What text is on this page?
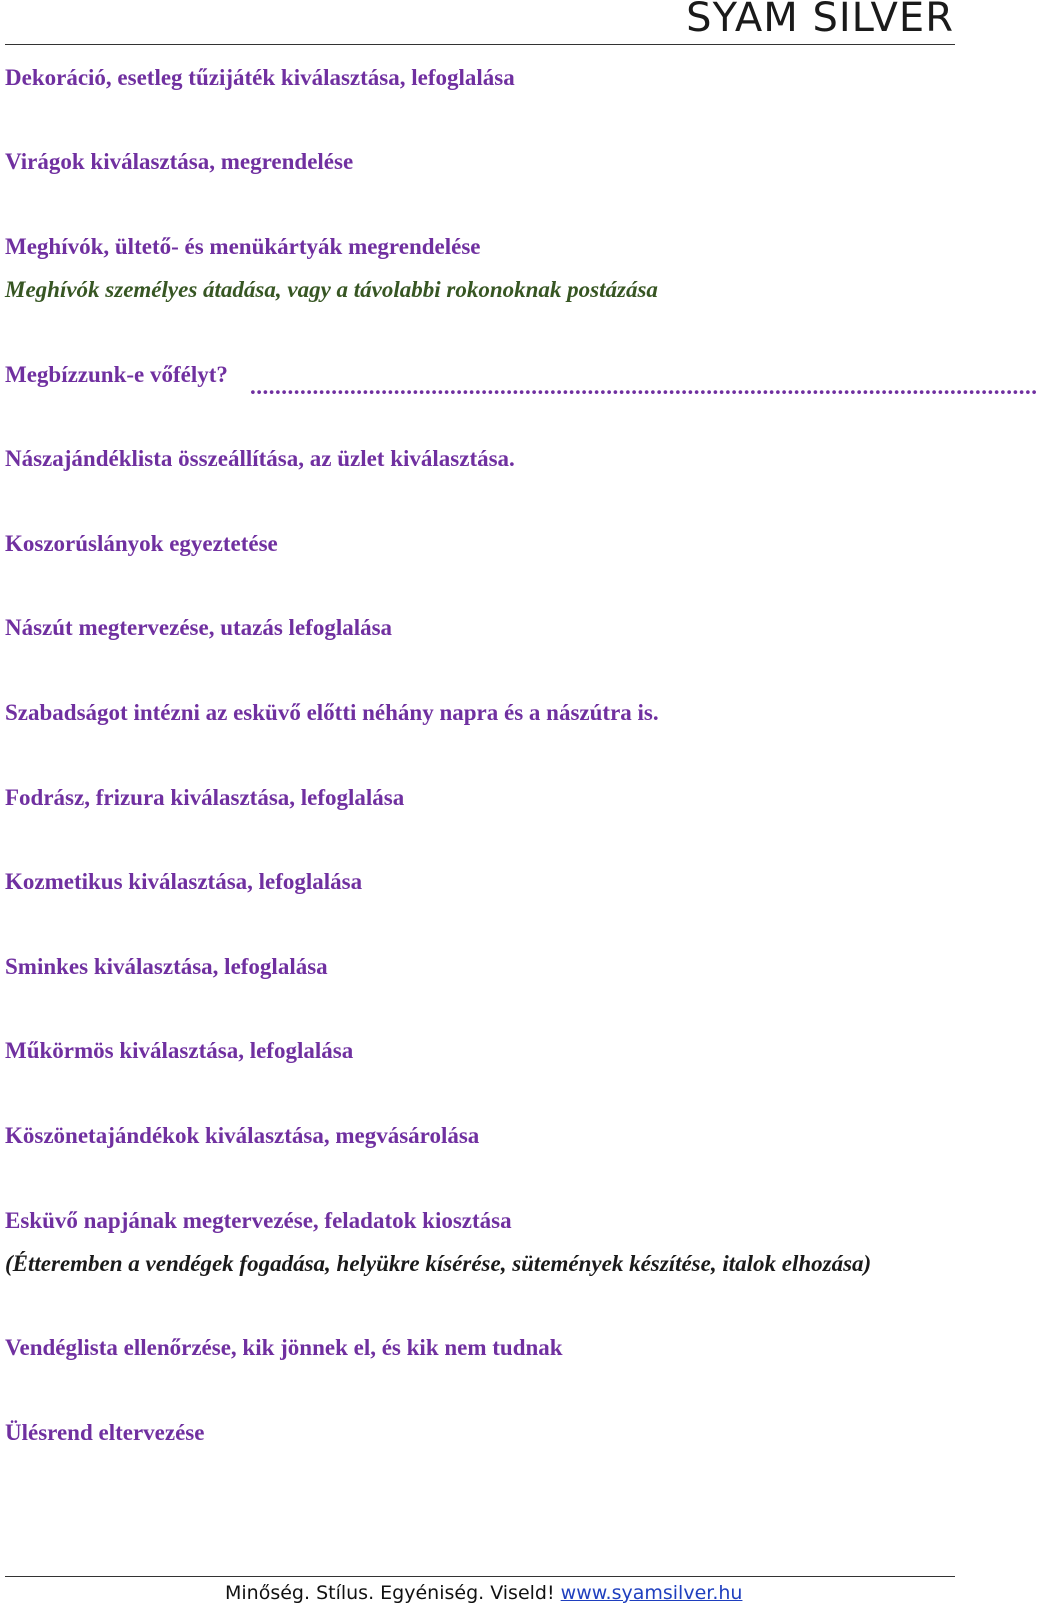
SYAM SILVER
Dekoráció, esetleg tűzijáték kiválasztása, lefoglalása
Virágok kiválasztása, megrendelése
Meghívók, ültető- és menükártyák megrendelése
Meghívók személyes átadása, vagy a távolabbi rokonoknak postázása
Megbízzunk-e vőfélyt? ..............................................................................................................................
Nászajándéklista összeállítása, az üzlet kiválasztása.
Koszorúslányok egyeztetése
Nászút megtervezése, utazás lefoglalása
Szabadságot intézni az esküvő előtti néhány napra és a nászútra is.
Fodrász, frizura kiválasztása, lefoglalása
Kozmetikus kiválasztása, lefoglalása
Sminkes kiválasztása, lefoglalása
Műkörmös kiválasztása, lefoglalása
Köszönetajándékok kiválasztása, megvásárolása
Esküvő napjának megtervezése, feladatok kiosztása
(Étteremben a vendégek fogadása, helyükre kísérése, sütemények készítése, italok elhozása)
Vendéglista ellenőrzése, kik jönnek el, és kik nem tudnak
Ülésrend eltervezése
Minőség. Stílus. Egyéniség. Viseld! www.syamsilver.hu
